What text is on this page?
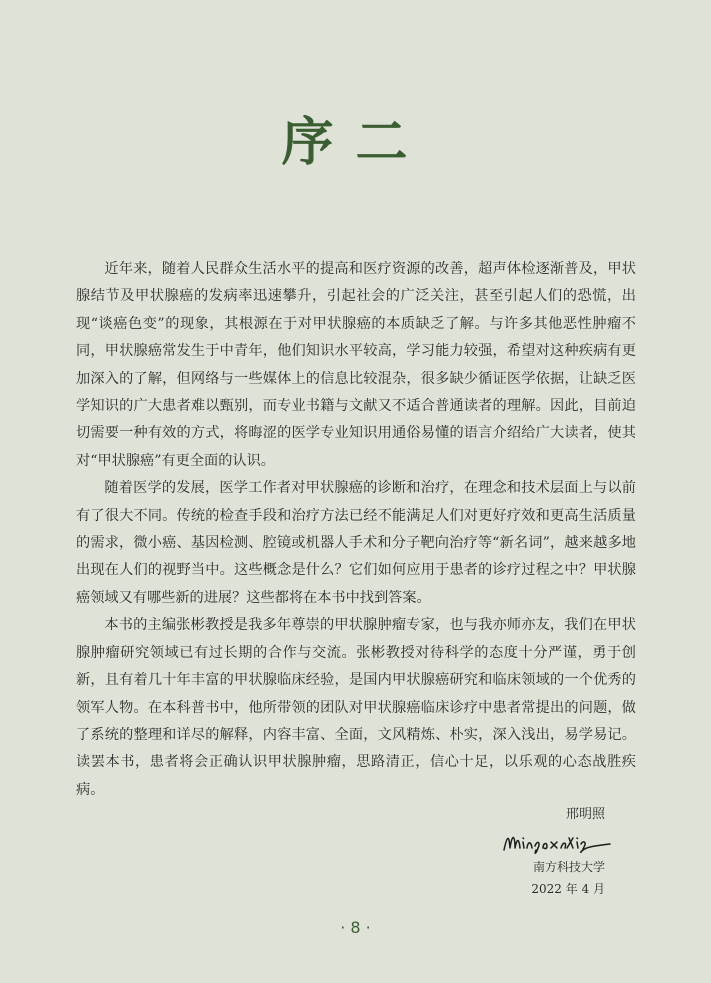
序二

近年来，随着人民群众生活水平的提高和医疗资源的改善，超声体检逐渐普及，甲状腺结节及甲状腺癌的发病率迅速攀升，引起社会的广泛关注，甚至引起人们的恐慌，出现“谈癌色变”的现象，其根源在于对甲状腺癌的本质缺乏了解。与许多其他恶性肿瘤不同，甲状腺癌常发生于中青年，他们知识水平较高，学习能力较强，希望对这种疾病有更加深入的了解，但网络与一些媒体上的信息比较混杂，很多缺少循证医学依据，让缺乏医学知识的广大患者难以甄别，而专业书籍与文献又不适合普通读者的理解。因此，目前迫切需要一种有效的方式，将晦涩的医学专业知识用通俗易懂的语言介绍给广大读者，使其对“甲状腺癌”有更全面的认识。

随着医学的发展，医学工作者对甲状腺癌的诊断和治疗，在理念和技术层面上与以前有了很大不同。传统的检查手段和治疗方法已经不能满足人们对更好疗效和更高生活质量的需求，微小癌、基因检测、腔镜或机器人手术和分子靶向治疗等“新名词”，越来越多地出现在人们的视野当中。这些概念是什么？它们如何应用于患者的诊疗过程之中？甲状腺癌领域又有哪些新的进展？这些都将在本书中找到答案。

本书的主编张彬教授是我多年尊崇的甲状腺肿瘤专家，也与我亦师亦友，我们在甲状腺肿瘤研究领域已有过长期的合作与交流。张彬教授对待科学的态度十分严谨，勇于创新，且有着几十年丰富的甲状腺临床经验，是国内甲状腺癌研究和临床领域的一个优秀的领军人物。在本科普书中，他所带领的团队对甲状腺癌临床诊疗中患者常提出的问题，做了系统的整理和详尽的解释，内容丰富、全面，文风精炼、朴实，深入浅出，易学易记。读罢本书，患者将会正确认识甲状腺肿瘤，思路清正，信心十足，以乐观的心态战胜疾病。

邢明照
南方科技大学
2022 年 4 月
· 8 ·
